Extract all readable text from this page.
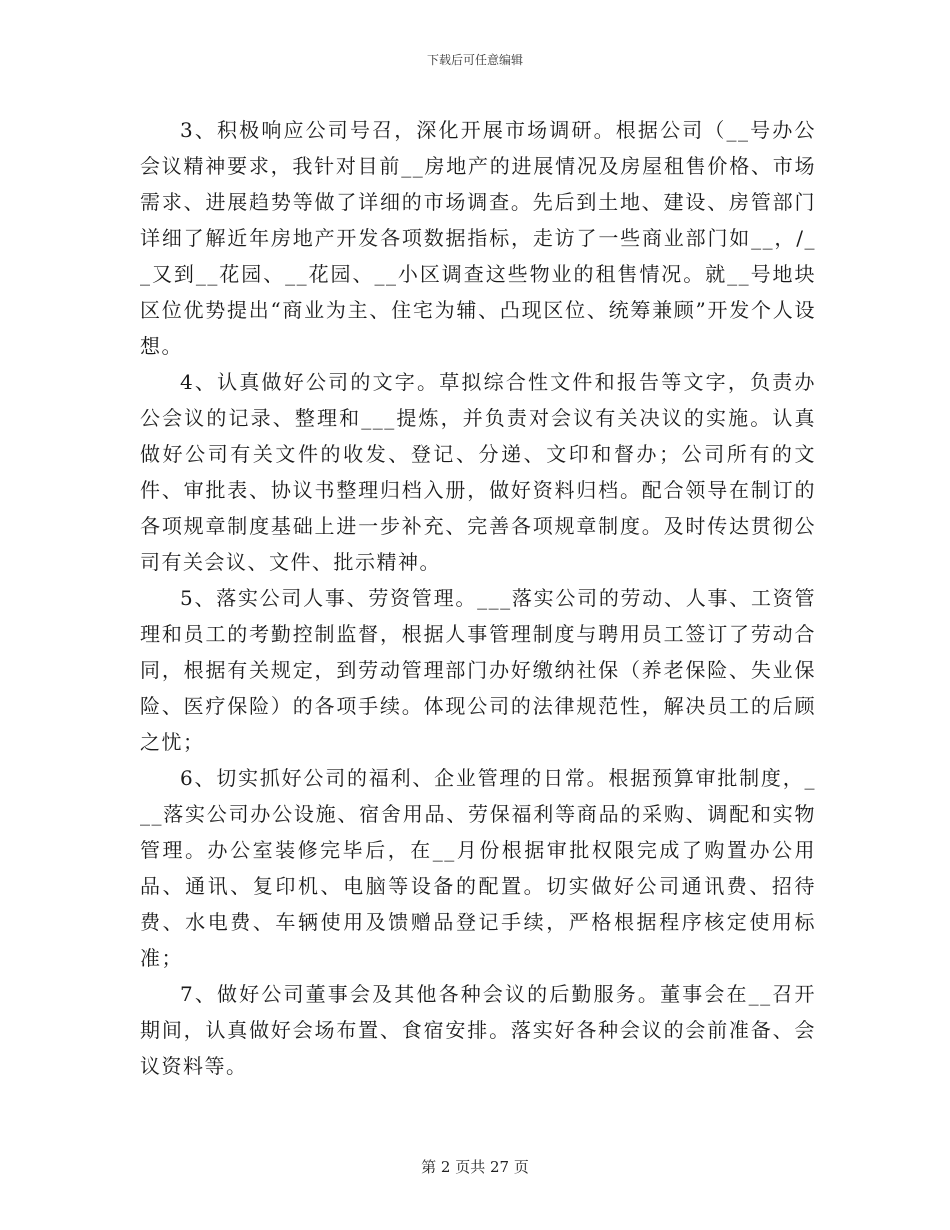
下载后可任意编辑

3、积极响应公司号召，深化开展市场调研。根据公司（__号办公会议精神要求，我针对目前__房地产的进展情况及房屋租售价格、市场需求、进展趋势等做了详细的市场调查。先后到土地、建设、房管部门详细了解近年房地产开发各项数据指标，走访了一些商业部门如__，/__又到__花园、__花园、__小区调查这些物业的租售情况。就__号地块区位优势提出“商业为主、住宅为辅、凸现区位、统筹兼顾”开发个人设想。

4、认真做好公司的文字。草拟综合性文件和报告等文字，负责办公会议的记录、整理和___提炼，并负责对会议有关决议的实施。认真做好公司有关文件的收发、登记、分递、文印和督办；公司所有的文件、审批表、协议书整理归档入册，做好资料归档。配合领导在制订的各项规章制度基础上进一步补充、完善各项规章制度。及时传达贯彻公司有关会议、文件、批示精神。

5、落实公司人事、劳资管理。___落实公司的劳动、人事、工资管理和员工的考勤控制监督，根据人事管理制度与聘用员工签订了劳动合同，根据有关规定，到劳动管理部门办好缴纳社保（养老保险、失业保险、医疗保险）的各项手续。体现公司的法律规范性，解决员工的后顾之忧；

6、切实抓好公司的福利、企业管理的日常。根据预算审批制度，___落实公司办公设施、宿舍用品、劳保福利等商品的采购、调配和实物管理。办公室装修完毕后，在__月份根据审批权限完成了购置办公用品、通讯、复印机、电脑等设备的配置。切实做好公司通讯费、招待费、水电费、车辆使用及馈赠品登记手续，严格根据程序核定使用标准；

7、做好公司董事会及其他各种会议的后勤服务。董事会在__召开期间，认真做好会场布置、食宿安排。落实好各种会议的会前准备、会议资料等。

第 2 页共 27 页
